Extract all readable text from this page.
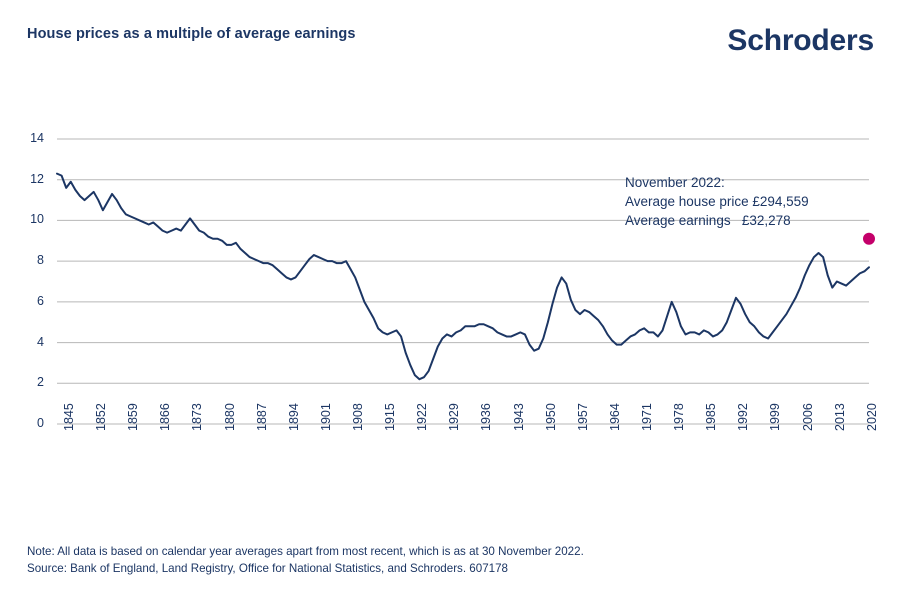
House prices as a multiple of average earnings	Schroders
0
2
4
6
8
10
12
14
1845 1852 1859 1866 1873 1880 1887 1894 1901 1908 1915 1922 1929 1936 1943 1950 1957 1964 1971 1978 1985 1992 1999 2006 2013 2020
November 2022:
Average house price £294,559
Average earnings   £32,278
Note: All data is based on calendar year averages apart from most recent, which is as at 30 November 2022.
Source: Bank of England, Land Registry, Office for National Statistics, and Schroders. 607178
